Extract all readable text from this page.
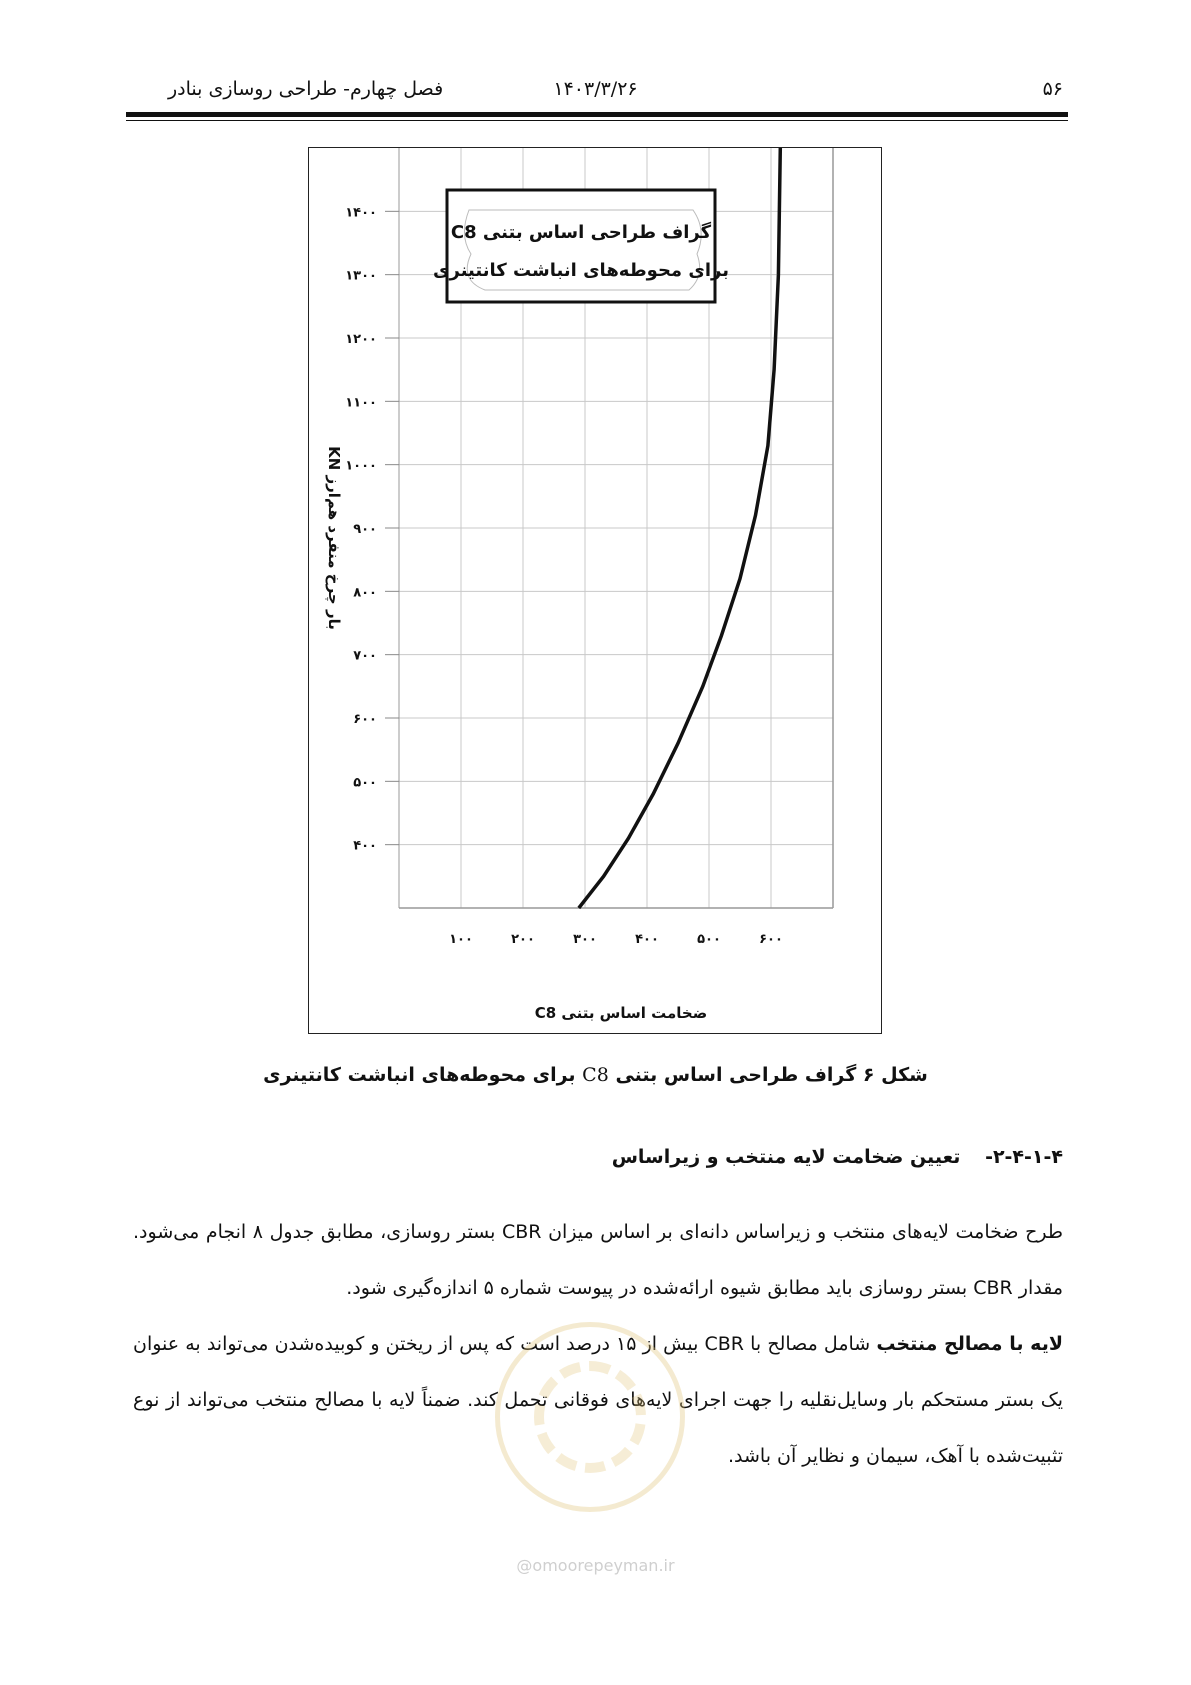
۵۶
۱۴۰۳/۳/۲۶
فصل چهارم- طراحی روسازی بنادر
۱۰۰	۲۰۰	۳۰۰	۴۰۰	۵۰۰	۶۰۰
۴۰۰
۵۰۰
۶۰۰
۷۰۰
۸۰۰
۹۰۰
۱۰۰۰
۱۱۰۰
۱۲۰۰
۱۳۰۰
۱۴۰۰
گراف طراحی اساس بتنی C8
برای محوطه‌های انباشت کانتینری
ضخامت اساس بتنی C8
بار چرخ منفرد هم‌ارز KN
شکل ۶ گراف طراحی اساس بتنی C8 برای محوطه‌های انباشت کانتینری
۲-۴-۱-۴- تعیین ضخامت لایه منتخب و زیراساس
طرح ضخامت لایه‌های منتخب و زیراساس دانه‌ای بر اساس میزان CBR بستر روسازی، مطابق جدول ۸ انجام می‌شود. مقدار CBR بستر روسازی باید مطابق شیوه ارائه‌شده در پیوست شماره ۵ اندازه‌گیری شود.
لایه با مصالح منتخب شامل مصالح با CBR بیش از ۱۵ درصد است که پس از ریختن و کوبیده‌شدن می‌تواند به عنوان یک بستر مستحکم بار وسایل‌نقلیه را جهت اجرای لایه‌های فوقانی تحمل کند. ضمناً لایه با مصالح منتخب می‌تواند از نوع تثبیت‌شده با آهک، سیمان و نظایر آن باشد.
@omoorepeyman.ir
